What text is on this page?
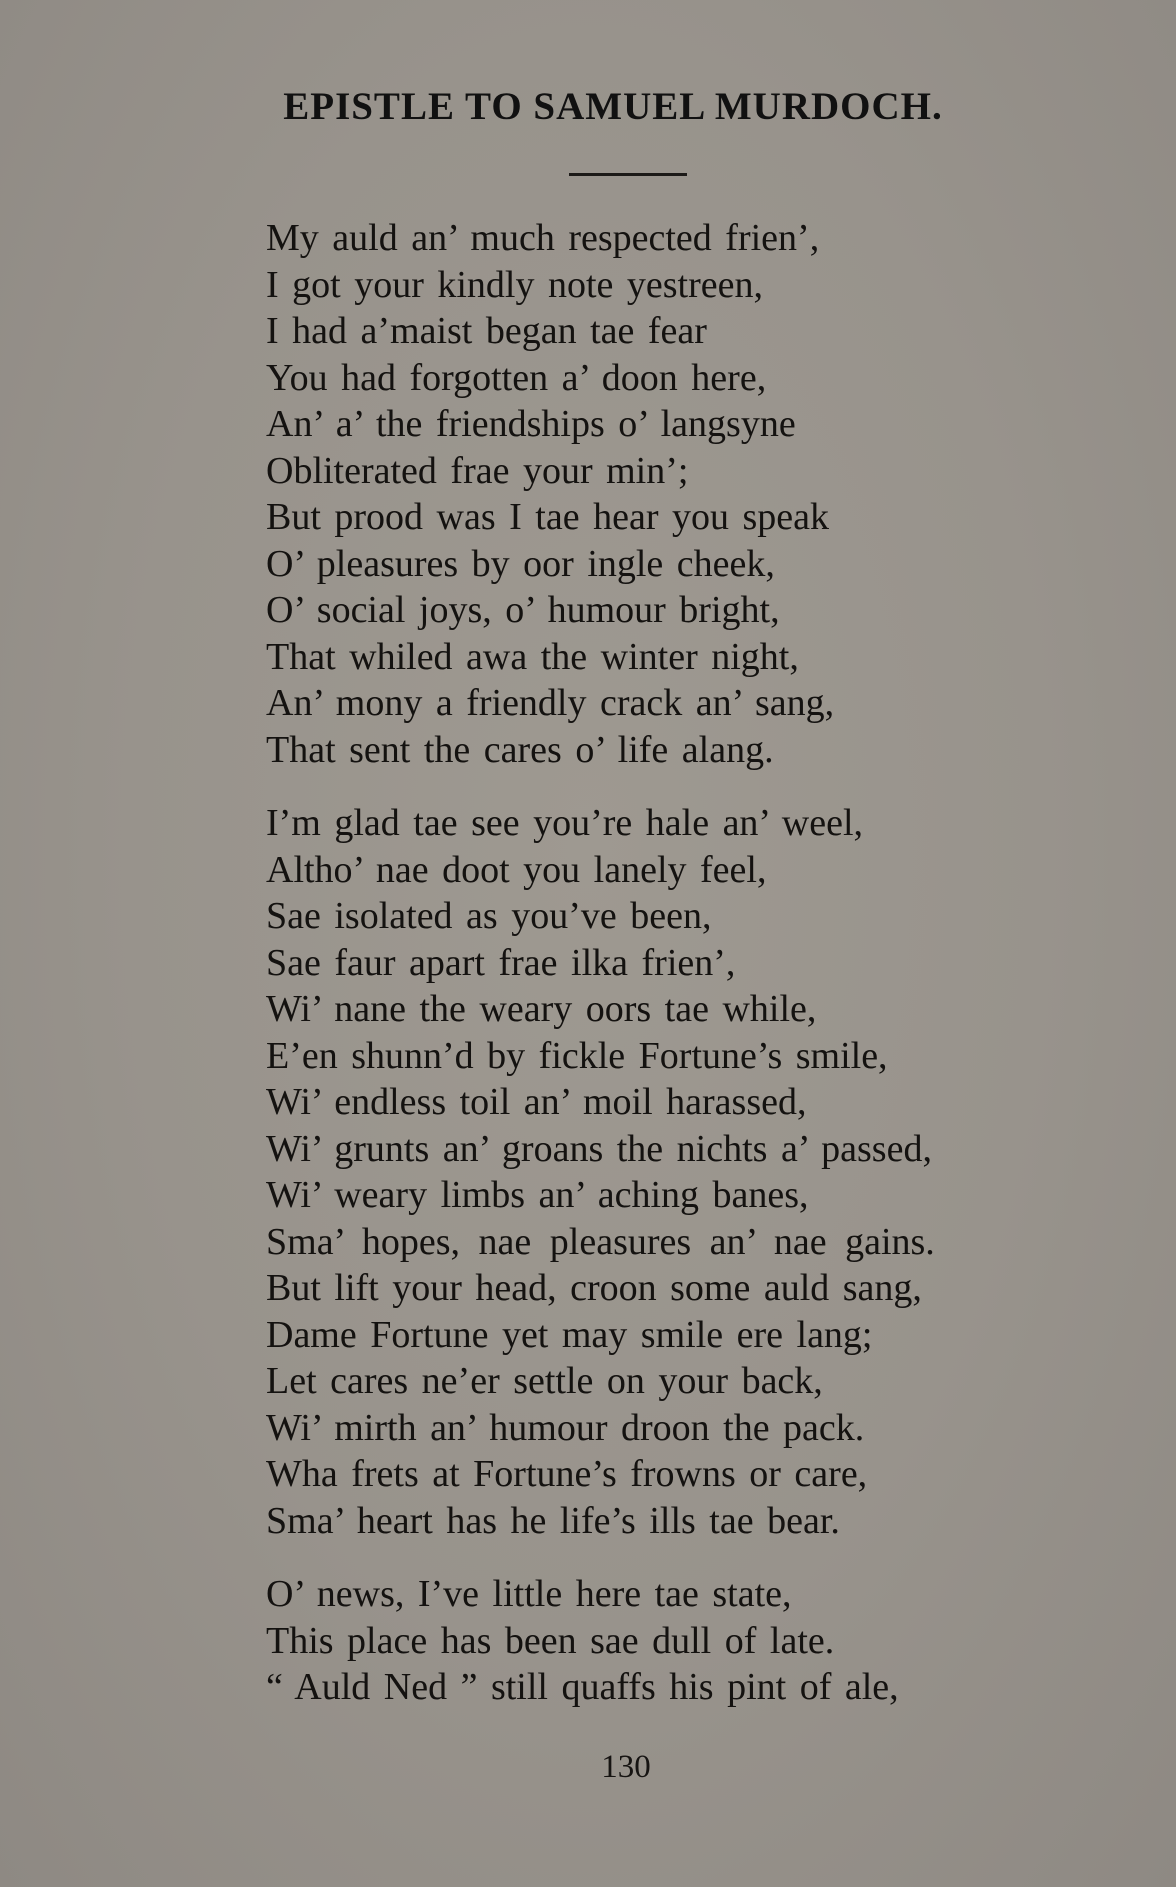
EPISTLE TO SAMUEL MURDOCH.
My auld an’ much respected frien’,
I got your kindly note yestreen,
I had a’maist began tae fear
You had forgotten a’ doon here,
An’ a’ the friendships o’ langsyne
Obliterated frae your min’;
But prood was I tae hear you speak
O’ pleasures by oor ingle cheek,
O’ social joys, o’ humour bright,
That whiled awa the winter night,
An’ mony a friendly crack an’ sang,
That sent the cares o’ life alang.
I’m glad tae see you’re hale an’ weel,
Altho’ nae doot you lanely feel,
Sae isolated as you’ve been,
Sae faur apart frae ilka frien’,
Wi’ nane the weary oors tae while,
E’en shunn’d by fickle Fortune’s smile,
Wi’ endless toil an’ moil harassed,
Wi’ grunts an’ groans the nichts a’ passed,
Wi’ weary limbs an’ aching banes,
Sma’ hopes, nae pleasures an’ nae gains.
But lift your head, croon some auld sang,
Dame Fortune yet may smile ere lang;
Let cares ne’er settle on your back,
Wi’ mirth an’ humour droon the pack.
Wha frets at Fortune’s frowns or care,
Sma’ heart has he life’s ills tae bear.
O’ news, I’ve little here tae state,
This place has been sae dull of late.
“ Auld Ned ” still quaffs his pint of ale,
130
